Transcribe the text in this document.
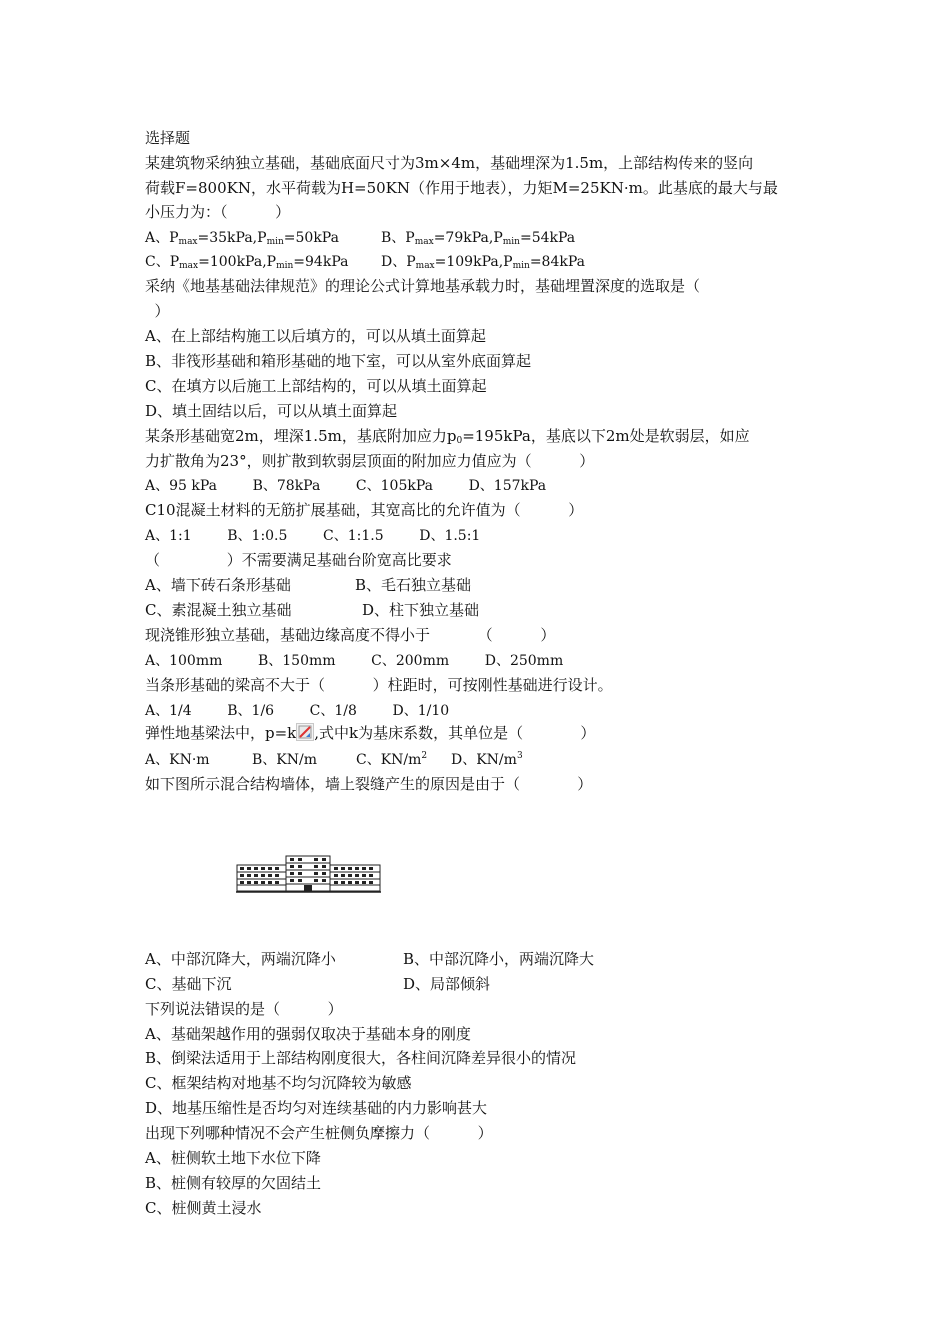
选择题
某建筑物采纳独立基础，基础底面尺寸为3m×4m，基础埋深为1.5m，上部结构传来的竖向
荷载F=800KN，水平荷载为H=50KN（作用于地表），力矩M=25KN·m。此基底的最大与最
小压力为：（          ）
A、$P_{max}=35kPa,P_{min}=50kPa$	B、$P_{max}=79kPa,P_{min}=54kPa$
C、$P_{max}=100kPa,P_{min}=94kPa$ D、$P_{max}=109kPa,P_{min}=84kPa$
采纳《地基基础法律规范》的理论公式计算地基承载力时，基础埋置深度的选取是（
）
A、在上部结构施工以后填方的，可以从填土面算起
B、非筏形基础和箱形基础的地下室，可以从室外底面算起
C、在填方以后施工上部结构的，可以从填土面算起
D、填土固结以后，可以从填土面算起
某条形基础宽2m，埋深1.5m，基底附加应力$p_0=195kPa$，基底以下2m处是软弱层，如应
力扩散角为23°，则扩散到软弱层顶面的附加应力值应为（          ）
A、95 kPa        B、78kPa        C、105kPa        D、157kPa
C10混凝土材料的无筋扩展基础，其宽高比的允许值为（          ）
A、1:1        B、1:0.5        C、1:1.5        D、1.5:1
（              ）不需要满足基础台阶宽高比要求
A、墙下砖石条形基础	B、毛石独立基础
C、素混凝土独立基础	D、柱下独立基础
现浇锥形独立基础，基础边缘高度不得小于          （          ）
A、100mm        B、150mm        C、200mm        D、250mm
当条形基础的梁高不大于（          ）柱距时，可按刚性基础进行设计。
A、1/4        B、1/6        C、1/8        D、1/10
弹性地基梁法中，p=k ,式中k为基床系数，其单位是（            ）
A、KN·m	B、KN/m	C、$KN/m^2$ D、$KN/m^3$
如下图所示混合结构墙体，墙上裂缝产生的原因是由于（            ）
A、中部沉降大，两端沉降小	B、中部沉降小，两端沉降大
C、基础下沉	D、局部倾斜
下列说法错误的是（          ）
A、基础架越作用的强弱仅取决于基础本身的刚度
B、倒梁法适用于上部结构刚度很大，各柱间沉降差异很小的情况
C、框架结构对地基不均匀沉降较为敏感
D、地基压缩性是否均匀对连续基础的内力影响甚大
出现下列哪种情况不会产生桩侧负摩擦力（          ）
A、桩侧软土地下水位下降
B、桩侧有较厚的欠固结土
C、桩侧黄土浸水
